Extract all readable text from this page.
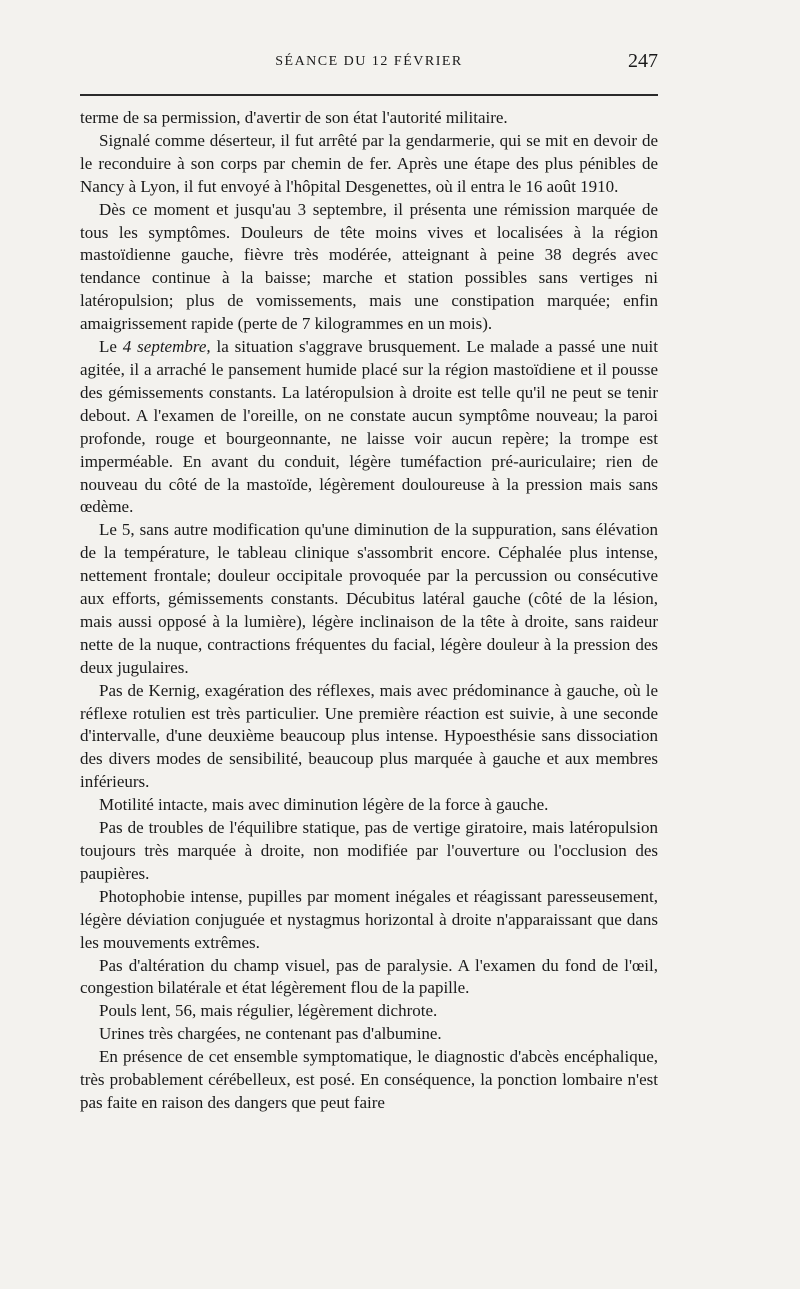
SÉANCE DU 12 FÉVRIER	247

terme de sa permission, d'avertir de son état l'autorité militaire.

Signalé comme déserteur, il fut arrêté par la gendarmerie, qui se mit en devoir de le reconduire à son corps par chemin de fer. Après une étape des plus pénibles de Nancy à Lyon, il fut envoyé à l'hôpital Desgenettes, où il entra le 16 août 1910.

Dès ce moment et jusqu'au 3 septembre, il présenta une rémission marquée de tous les symptômes. Douleurs de tête moins vives et localisées à la région mastoïdienne gauche, fièvre très modérée, atteignant à peine 38 degrés avec tendance continue à la baisse; marche et station possibles sans vertiges ni latéropulsion; plus de vomissements, mais une constipation marquée; enfin amaigrissement rapide (perte de 7 kilogrammes en un mois).

Le 4 septembre, la situation s'aggrave brusquement. Le malade a passé une nuit agitée, il a arraché le pansement humide placé sur la région mastoïdiene et il pousse des gémissements constants. La latéropulsion à droite est telle qu'il ne peut se tenir debout. A l'examen de l'oreille, on ne constate aucun symptôme nouveau; la paroi profonde, rouge et bourgeonnante, ne laisse voir aucun repère; la trompe est imperméable. En avant du conduit, légère tuméfaction pré-auriculaire; rien de nouveau du côté de la mastoïde, légèrement douloureuse à la pression mais sans œdème.

Le 5, sans autre modification qu'une diminution de la suppuration, sans élévation de la température, le tableau clinique s'assombrit encore. Céphalée plus intense, nettement frontale; douleur occipitale provoquée par la percussion ou consécutive aux efforts, gémissements constants. Décubitus latéral gauche (côté de la lésion, mais aussi opposé à la lumière), légère inclinaison de la tête à droite, sans raideur nette de la nuque, contractions fréquentes du facial, légère douleur à la pression des deux jugulaires.

Pas de Kernig, exagération des réflexes, mais avec prédominance à gauche, où le réflexe rotulien est très particulier. Une première réaction est suivie, à une seconde d'intervalle, d'une deuxième beaucoup plus intense. Hypoesthésie sans dissociation des divers modes de sensibilité, beaucoup plus marquée à gauche et aux membres inférieurs.

Motilité intacte, mais avec diminution légère de la force à gauche.

Pas de troubles de l'équilibre statique, pas de vertige giratoire, mais latéropulsion toujours très marquée à droite, non modifiée par l'ouverture ou l'occlusion des paupières.

Photophobie intense, pupilles par moment inégales et réagissant paresseusement, légère déviation conjuguée et nystagmus horizontal à droite n'apparaissant que dans les mouvements extrêmes.

Pas d'altération du champ visuel, pas de paralysie. A l'examen du fond de l'œil, congestion bilatérale et état légèrement flou de la papille.

Pouls lent, 56, mais régulier, légèrement dichrote.

Urines très chargées, ne contenant pas d'albumine.

En présence de cet ensemble symptomatique, le diagnostic d'abcès encéphalique, très probablement cérébelleux, est posé. En conséquence, la ponction lombaire n'est pas faite en raison des dangers que peut faire
